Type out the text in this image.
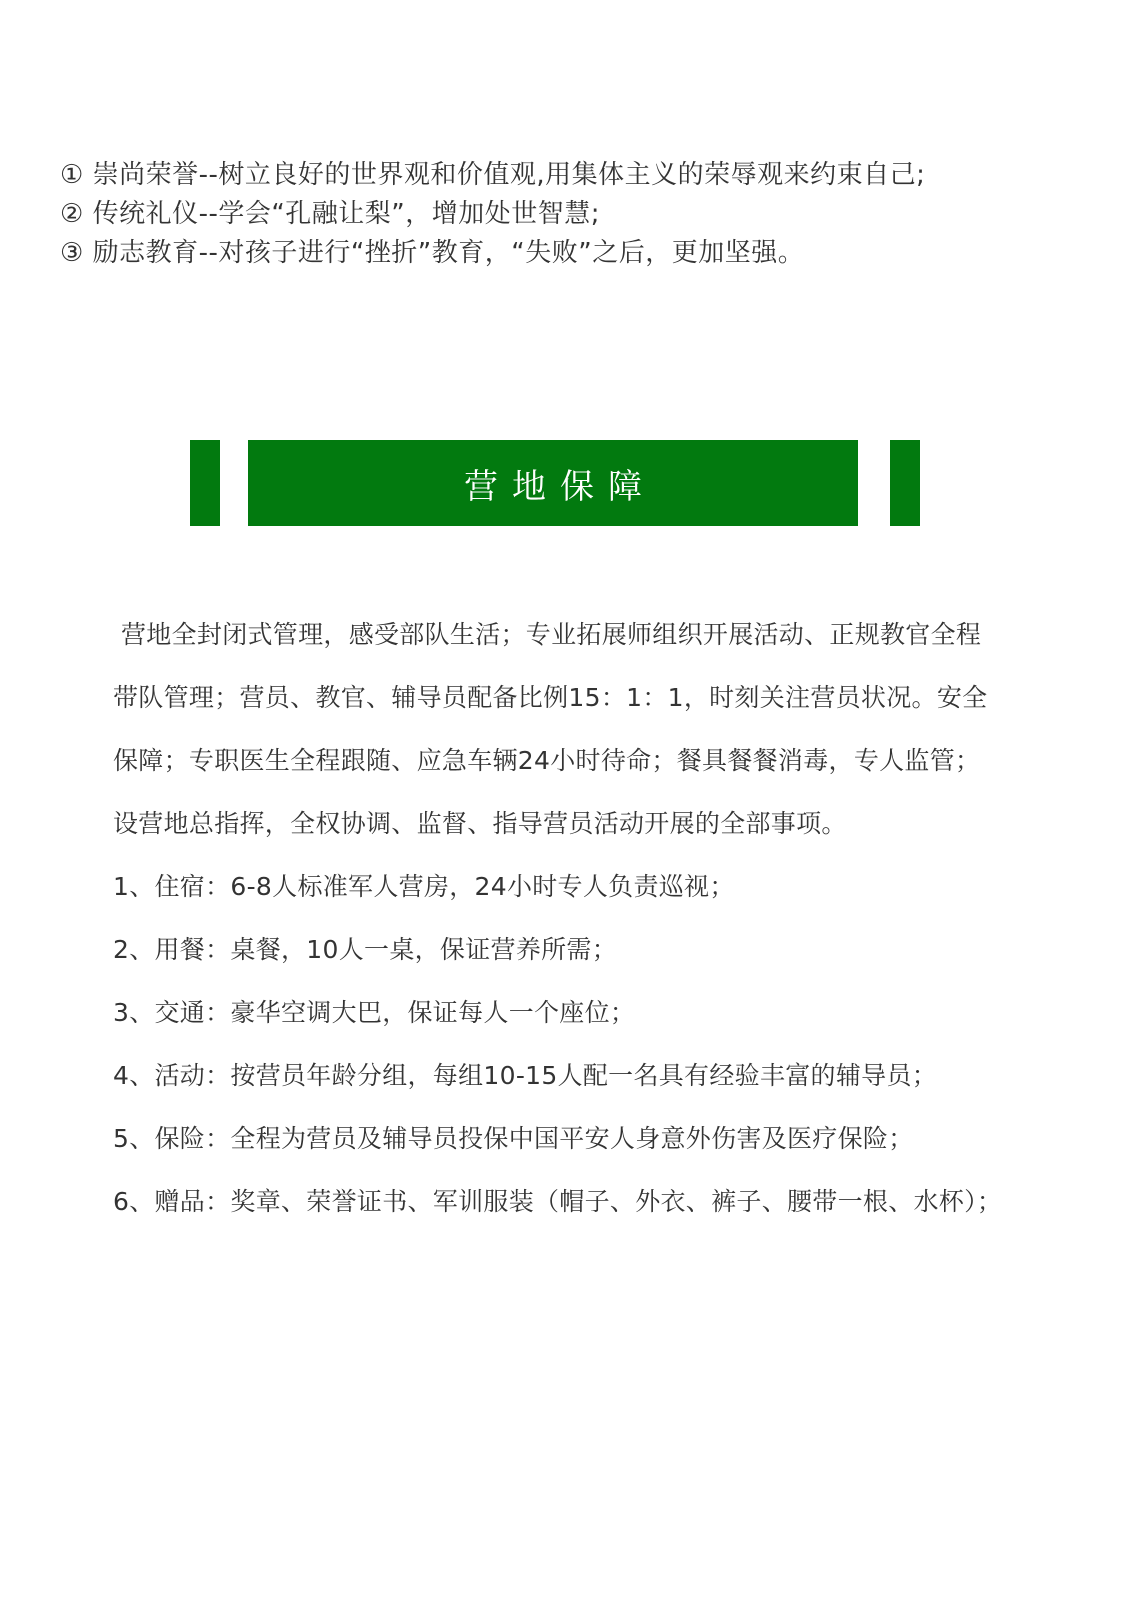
① 崇尚荣誉--树立良好的世界观和价值观,用集体主义的荣辱观来约束自己;
② 传统礼仪--学会“孔融让梨”，增加处世智慧;
③ 励志教育--对孩子进行“挫折”教育，“失败”之后，更加坚强。
营地保障

营地全封闭式管理，感受部队生活；专业拓展师组织开展活动、正规教官全程带队管理；营员、教官、辅导员配备比例15：1：1，时刻关注营员状况。安全保障；专职医生全程跟随、应急车辆24小时待命；餐具餐餐消毒，专人监管；设营地总指挥，全权协调、监督、指导营员活动开展的全部事项。

1、住宿：6-8人标准军人营房，24小时专人负责巡视；

2、用餐：桌餐，10人一桌，保证营养所需；

3、交通：豪华空调大巴，保证每人一个座位；

4、活动：按营员年龄分组，每组10-15人配一名具有经验丰富的辅导员；

5、保险：全程为营员及辅导员投保中国平安人身意外伤害及医疗保险；

6、赠品：奖章、荣誉证书、军训服装（帽子、外衣、裤子、腰带一根、水杯）；
